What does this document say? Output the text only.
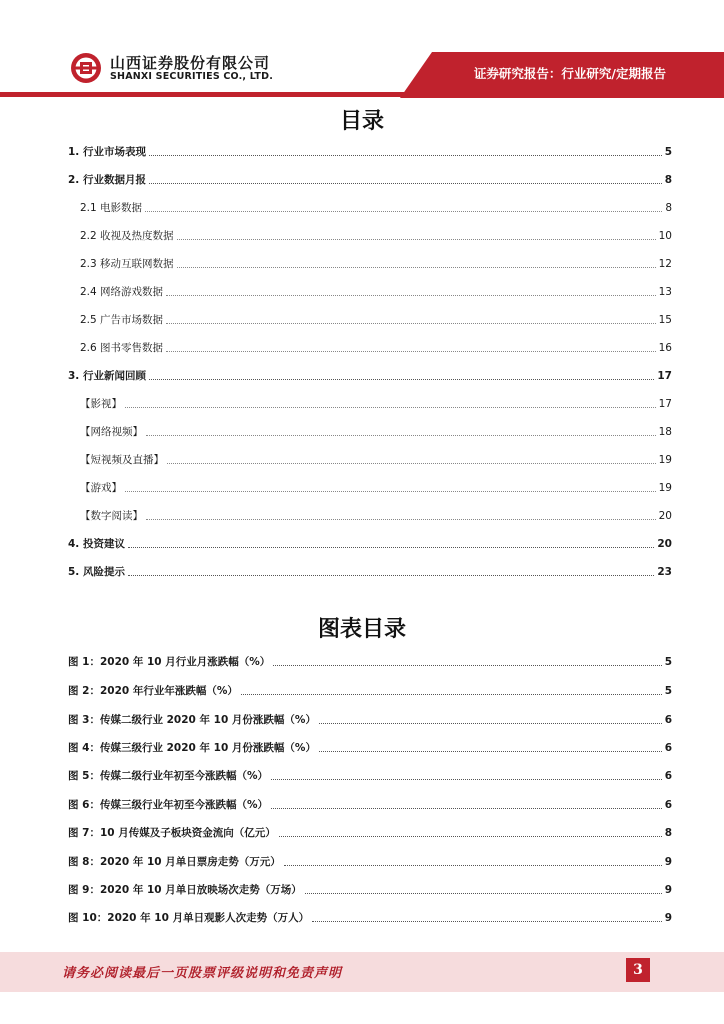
山西证券股份有限公司
SHANXI SECURITIES CO., LTD.	证券研究报告：行业研究/定期报告
目录
1. 行业市场表现	5
2. 行业数据月报	8
2.1 电影数据	8
2.2 收视及热度数据	10
2.3 移动互联网数据	12
2.4 网络游戏数据	13
2.5 广告市场数据	15
2.6 图书零售数据	16
3. 行业新闻回顾	17
【影视】	17
【网络视频】	18
【短视频及直播】	19
【游戏】	19
【数字阅读】	20
4. 投资建议	20
5. 风险提示	23
图表目录
图 1：2020 年 10 月行业月涨跌幅（%）	5
图 2：2020 年行业年涨跌幅（%）	5
图 3：传媒二级行业 2020 年 10 月份涨跌幅（%）	6
图 4：传媒三级行业 2020 年 10 月份涨跌幅（%）	6
图 5：传媒二级行业年初至今涨跌幅（%）	6
图 6：传媒三级行业年初至今涨跌幅（%）	6
图 7：10 月传媒及子板块资金流向（亿元）	8
图 8：2020 年 10 月单日票房走势（万元）	9
图 9：2020 年 10 月单日放映场次走势（万场）	9
图 10：2020 年 10 月单日观影人次走势（万人）	9
请务必阅读最后一页股票评级说明和免责声明	3
